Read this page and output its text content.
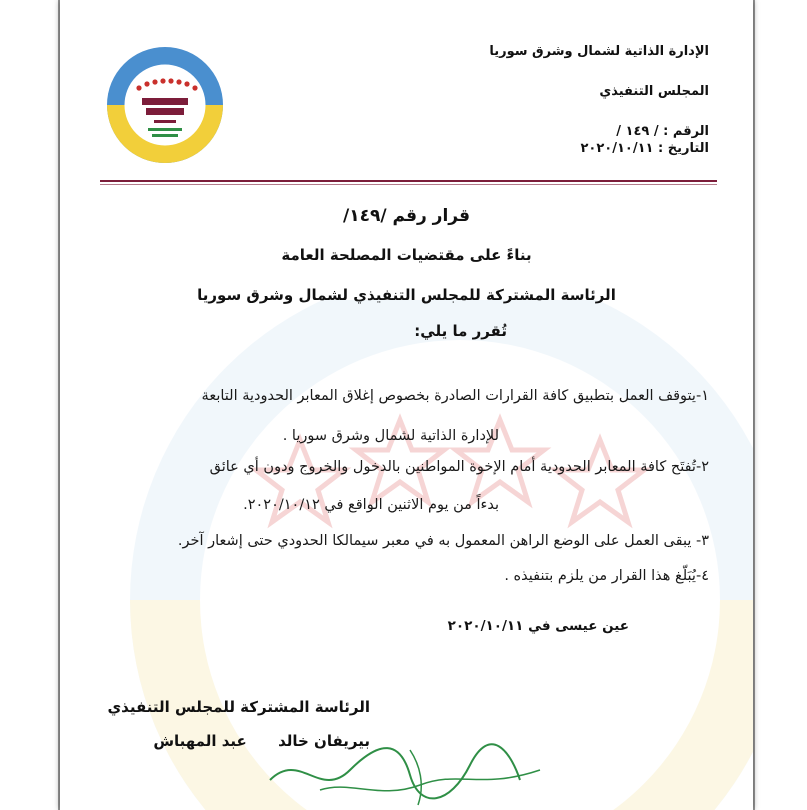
الإدارة الذاتية لشمال وشرق سوريا
المجلس التنفيذي
الرقم : / ١٤٩ /
التاريخ : ٢٠٢٠/١٠/١١
قرار رقم /١٤٩/
بناءً على مقتضيات المصلحة العامة
الرئاسة المشتركة للمجلس التنفيذي لشمال وشرق سوريا
تُقرر ما يلي:
١-يتوقف العمل بتطبيق كافة القرارات الصادرة بخصوص إغلاق المعابر الحدودية التابعة
للإدارة الذاتية لشمال وشرق سوريا .
٢-تُفتَح كافة المعابر الحدودية أمام الإخوة المواطنين بالدخول والخروج ودون أي عائق
بدءاً من يوم الاثنين الواقع في ٢٠٢٠/١٠/١٢.
٣- يبقى العمل على الوضع الراهن المعمول به في معبر سيمالكا الحدودي حتى إشعار آخر.
٤-يُبَلّغ هذا القرار من يلزم بتنفيذه .
عين عيسى في ٢٠٢٠/١٠/١١
الرئاسة المشتركة للمجلس التنفيذي
بيريفان خالد      عبد المهباش
